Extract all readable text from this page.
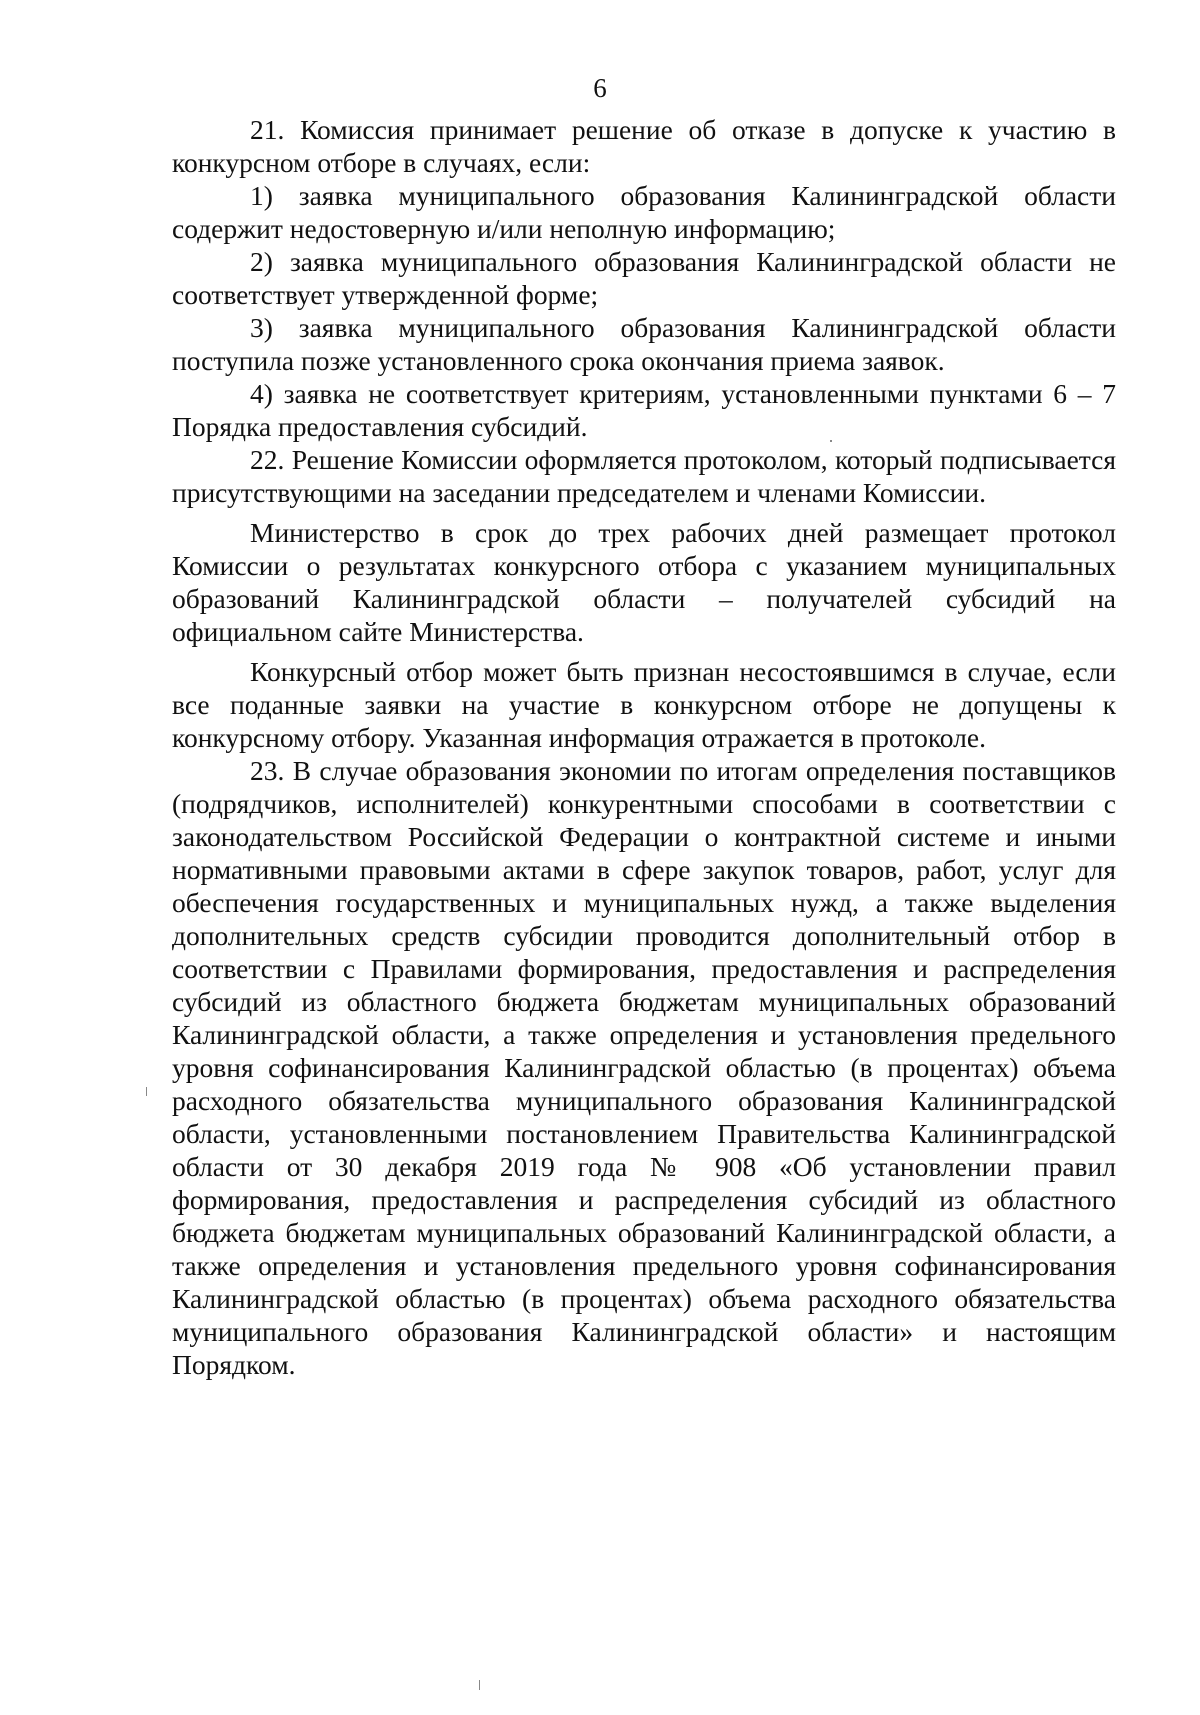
6

21. Комиссия принимает решение об отказе в допуске к участию в конкурсном отборе в случаях, если:

1) заявка муниципального образования Калининградской области содержит недостоверную и/или неполную информацию;

2) заявка муниципального образования Калининградской области не соответствует утвержденной форме;

3) заявка муниципального образования Калининградской области поступила позже установленного срока окончания приема заявок.

4) заявка не соответствует критериям, установленными пунктами 6 – 7 Порядка предоставления субсидий.

22. Решение Комиссии оформляется протоколом, который подписывается присутствующими на заседании председателем и членами Комиссии.

Министерство в срок до трех рабочих дней размещает протокол Комиссии о результатах конкурсного отбора с указанием муниципальных образований Калининградской области – получателей субсидий на официальном сайте Министерства.

Конкурсный отбор может быть признан несостоявшимся в случае, если все поданные заявки на участие в конкурсном отборе не допущены к конкурсному отбору. Указанная информация отражается в протоколе.

23. В случае образования экономии по итогам определения поставщиков (подрядчиков, исполнителей) конкурентными способами в соответствии с законодательством Российской Федерации о контрактной системе и иными нормативными правовыми актами в сфере закупок товаров, работ, услуг для обеспечения государственных и муниципальных нужд, а также выделения дополнительных средств субсидии проводится дополнительный отбор в соответствии с Правилами формирования, предоставления и распределения субсидий из областного бюджета бюджетам муниципальных образований Калининградской области, а также определения и установления предельного уровня софинансирования Калининградской областью (в процентах) объема расходного обязательства муниципального образования Калининградской области, установленными постановлением Правительства Калининградской области от 30 декабря 2019 года № 908 «Об установлении правил формирования, предоставления и распределения субсидий из областного бюджета бюджетам муниципальных образований Калининградской области, а также определения и установления предельного уровня софинансирования Калининградской областью (в процентах) объема расходного обязательства муниципального образования Калининградской области» и настоящим Порядком.
